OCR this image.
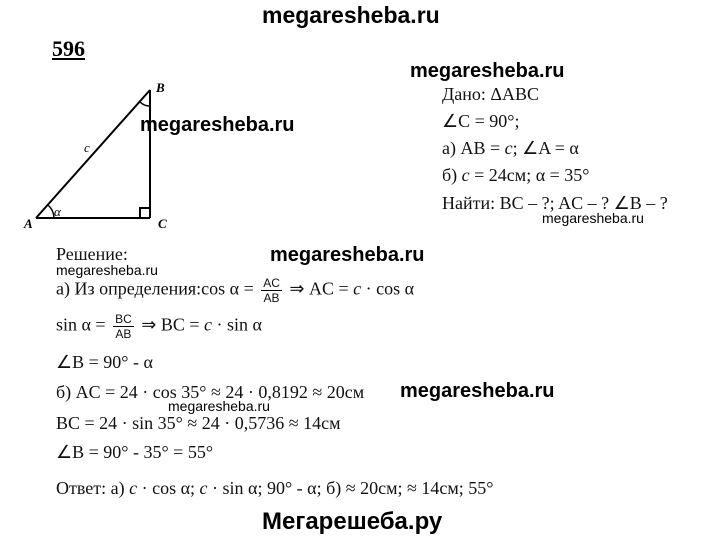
megaresheba.ru
596
A
B
C
c
α
megaresheba.ru
megaresheba.ru
Дано: ΔABC
∠C = 90°;
а) AB = c; ∠A = α
б) c = 24см; α = 35°
Найти: BC – ?; AC – ? ∠B – ?
megaresheba.ru
Решение:	megaresheba.ru
megaresheba.ru
а) Из определения:cos $\alpha = \frac{AC}{AB}$ ⇒ AC = c · cos α
$\sin \alpha = \frac{BC}{AB}$ ⇒ BC = c · sin α
∠B = 90° - α
б) AC = 24 · cos 35° ≈ 24 · 0,8192 ≈ 20см megaresheba.ru
megaresheba.ru
BC = 24 · sin 35° ≈ 24 · 0,5736 ≈ 14см
∠B = 90° - 35° = 55°
Ответ: а) c · cos α; c · sin α; 90° - α; б) ≈ 20см; ≈ 14см; 55°
Мегарешеба.ру
